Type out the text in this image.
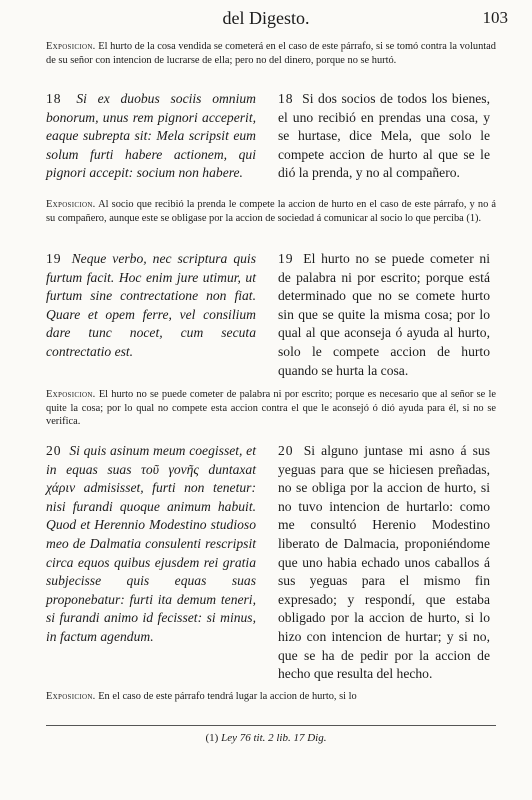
del Digesto.	103
Exposicion. El hurto de la cosa vendida se cometerá en el caso de este párrafo, si se tomó contra la voluntad de su señor con intencion de lucrarse de ella; pero no del dinero, porque no se hurtó.
18 Si ex duobus sociis omnium bonorum, unus rem pignori acceperit, eaque subrepta sit: Mela scripsit eum solum furti habere actionem, qui pignori accepit: socium non habere.
18 Si dos socios de todos los bienes, el uno recibió en prendas una cosa, y se hurtase, dice Mela, que solo le compete accion de hurto al que se le dió la prenda, y no al compañero.
Exposicion. Al socio que recibió la prenda le compete la accion de hurto en el caso de este párrafo, y no á su compañero, aunque este se obligase por la accion de sociedad á comunicar al socio lo que perciba (1).
19 Neque verbo, nec scriptura quis furtum facit. Hoc enim jure utimur, ut furtum sine contrectatione non fiat. Quare et opem ferre, vel consilium dare tunc nocet, cum secuta contrectatio est.
19 El hurto no se puede cometer ni de palabra ni por escrito; porque está determinado que no se comete hurto sin que se quite la misma cosa; por lo qual al que aconseja ó ayuda al hurto, solo le compete accion de hurto quando se hurta la cosa.
Exposicion. El hurto no se puede cometer de palabra ni por escrito; porque es necesario que al señor se le quite la cosa; por lo qual no compete esta accion contra el que le aconsejó ó dió ayuda para él, si no se verifica.
20 Si quis asinum meum coegisset, et in equas suas τοῦ γονῆς duntaxat χάριν admisisset, furti non tenetur: nisi furandi quoque animum habuit. Quod et Herennio Modestino studioso meo de Dalmatia consulenti rescripsit circa equos quibus ejusdem rei gratia subjecisse quis equas suas proponebatur: furti ita demum teneri, si furandi animo id fecisset: si minus, in factum agendum.
20 Si alguno juntase mi asno á sus yeguas para que se hiciesen preñadas, no se obliga por la accion de hurto, si no tuvo intencion de hurtarlo: como me consultó Herenio Modestino liberato de Dalmacia, proponiéndome que uno habia echado unos caballos á sus yeguas para el mismo fin expresado; y respondí, que estaba obligado por la accion de hurto, si lo hizo con intencion de hurtar; y si no, que se ha de pedir por la accion de hecho que resulta del hecho.
Exposicion. En el caso de este párrafo tendrá lugar la accion de hurto, si lo
(1) Ley 76 tit. 2 lib. 17 Dig.
